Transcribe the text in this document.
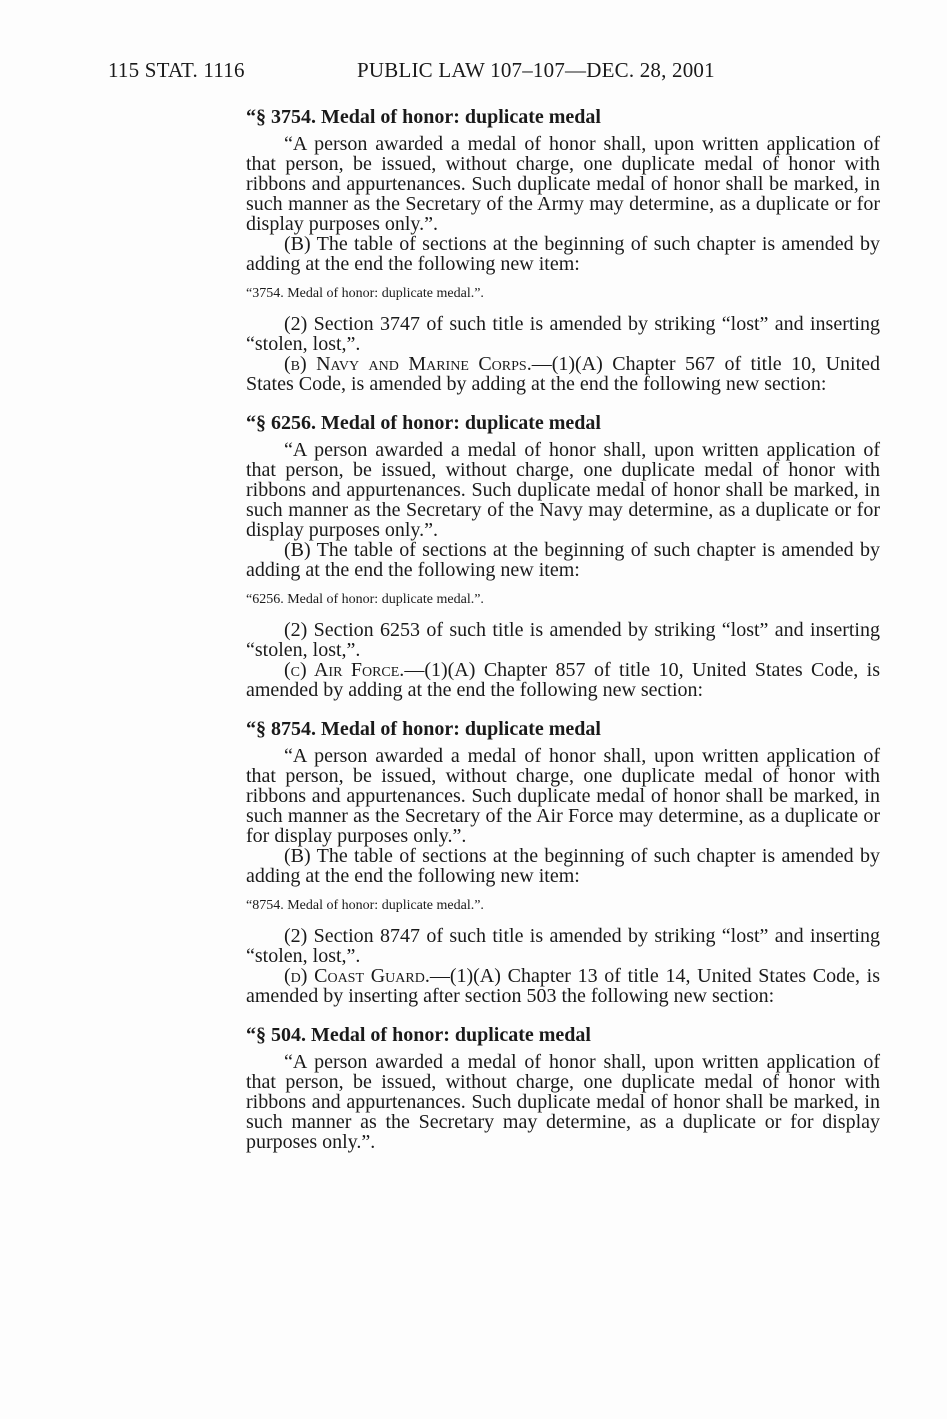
115 STAT. 1116	PUBLIC LAW 107–107—DEC. 28, 2001
“§ 3754. Medal of honor: duplicate medal

“A person awarded a medal of honor shall, upon written application of that person, be issued, without charge, one duplicate medal of honor with ribbons and appurtenances. Such duplicate medal of honor shall be marked, in such manner as the Secretary of the Army may determine, as a duplicate or for display purposes only.”.

(B) The table of sections at the beginning of such chapter is amended by adding at the end the following new item:

“3754. Medal of honor: duplicate medal.”.

(2) Section 3747 of such title is amended by striking “lost” and inserting “stolen, lost,”.

(b) Navy and Marine Corps.—(1)(A) Chapter 567 of title 10, United States Code, is amended by adding at the end the following new section:

“§ 6256. Medal of honor: duplicate medal

“A person awarded a medal of honor shall, upon written application of that person, be issued, without charge, one duplicate medal of honor with ribbons and appurtenances. Such duplicate medal of honor shall be marked, in such manner as the Secretary of the Navy may determine, as a duplicate or for display purposes only.”.

(B) The table of sections at the beginning of such chapter is amended by adding at the end the following new item:

“6256. Medal of honor: duplicate medal.”.

(2) Section 6253 of such title is amended by striking “lost” and inserting “stolen, lost,”.

(c) Air Force.—(1)(A) Chapter 857 of title 10, United States Code, is amended by adding at the end the following new section:

“§ 8754. Medal of honor: duplicate medal

“A person awarded a medal of honor shall, upon written application of that person, be issued, without charge, one duplicate medal of honor with ribbons and appurtenances. Such duplicate medal of honor shall be marked, in such manner as the Secretary of the Air Force may determine, as a duplicate or for display purposes only.”.

(B) The table of sections at the beginning of such chapter is amended by adding at the end the following new item:

“8754. Medal of honor: duplicate medal.”.

(2) Section 8747 of such title is amended by striking “lost” and inserting “stolen, lost,”.

(d) Coast Guard.—(1)(A) Chapter 13 of title 14, United States Code, is amended by inserting after section 503 the following new section:

“§ 504. Medal of honor: duplicate medal

“A person awarded a medal of honor shall, upon written application of that person, be issued, without charge, one duplicate medal of honor with ribbons and appurtenances. Such duplicate medal of honor shall be marked, in such manner as the Secretary may determine, as a duplicate or for display purposes only.”.
